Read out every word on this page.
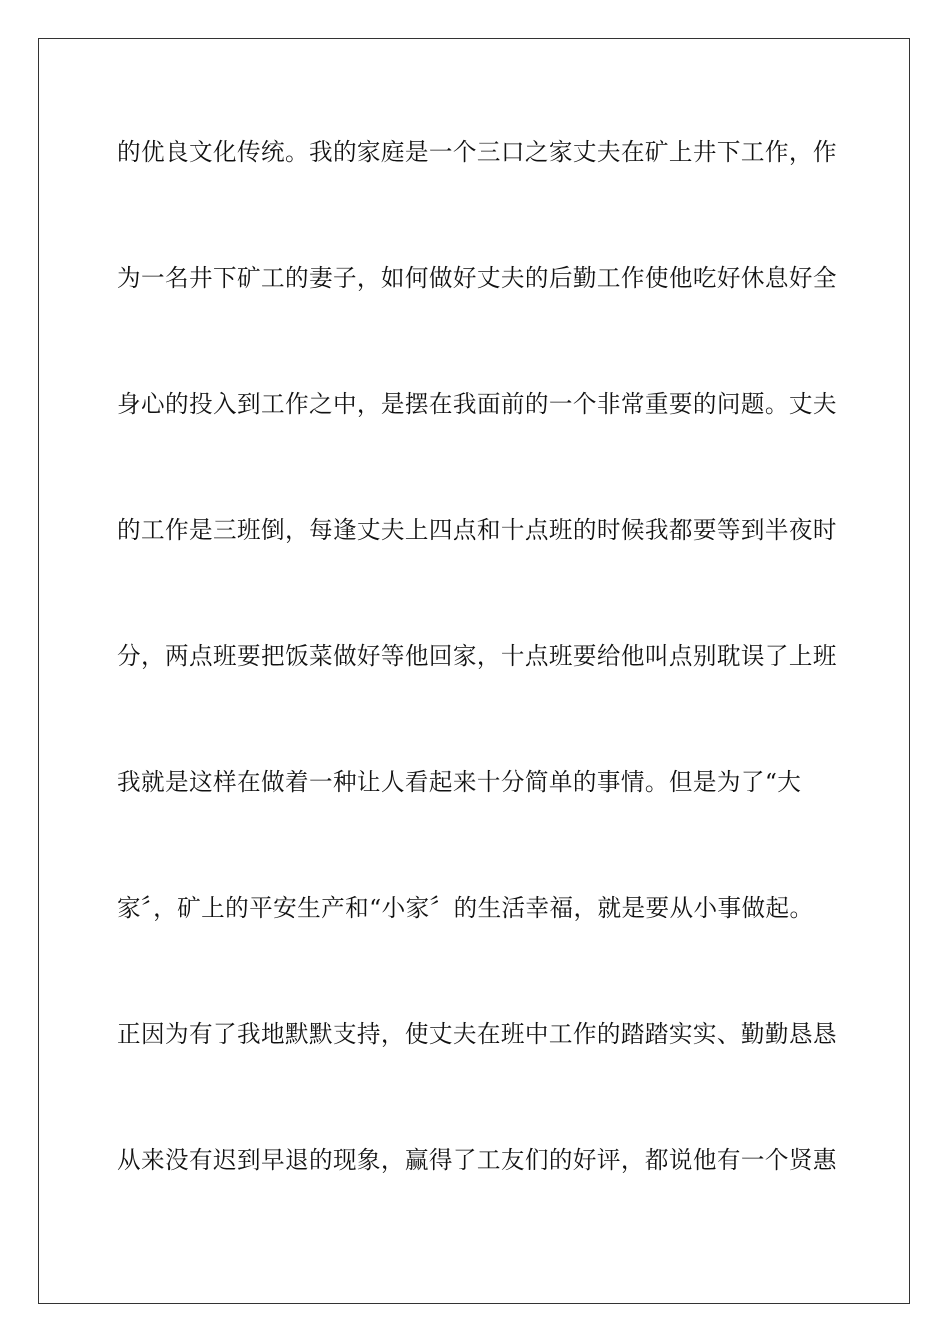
的优良文化传统。我的家庭是一个三口之家丈夫在矿上井下工作，作
为一名井下矿工的妻子，如何做好丈夫的后勤工作使他吃好休息好全
身心的投入到工作之中，是摆在我面前的一个非常重要的问题。丈夫
的工作是三班倒，每逢丈夫上四点和十点班的时候我都要等到半夜时
分，两点班要把饭菜做好等他回家，十点班要给他叫点别耽误了上班
我就是这样在做着一种让人看起来十分简单的事情。但是为了“大
家〞，矿上的平安生产和“小家〞的生活幸福，就是要从小事做起。
正因为有了我地默默支持，使丈夫在班中工作的踏踏实实、勤勤恳恳
从来没有迟到早退的现象，赢得了工友们的好评，都说他有一个贤惠
